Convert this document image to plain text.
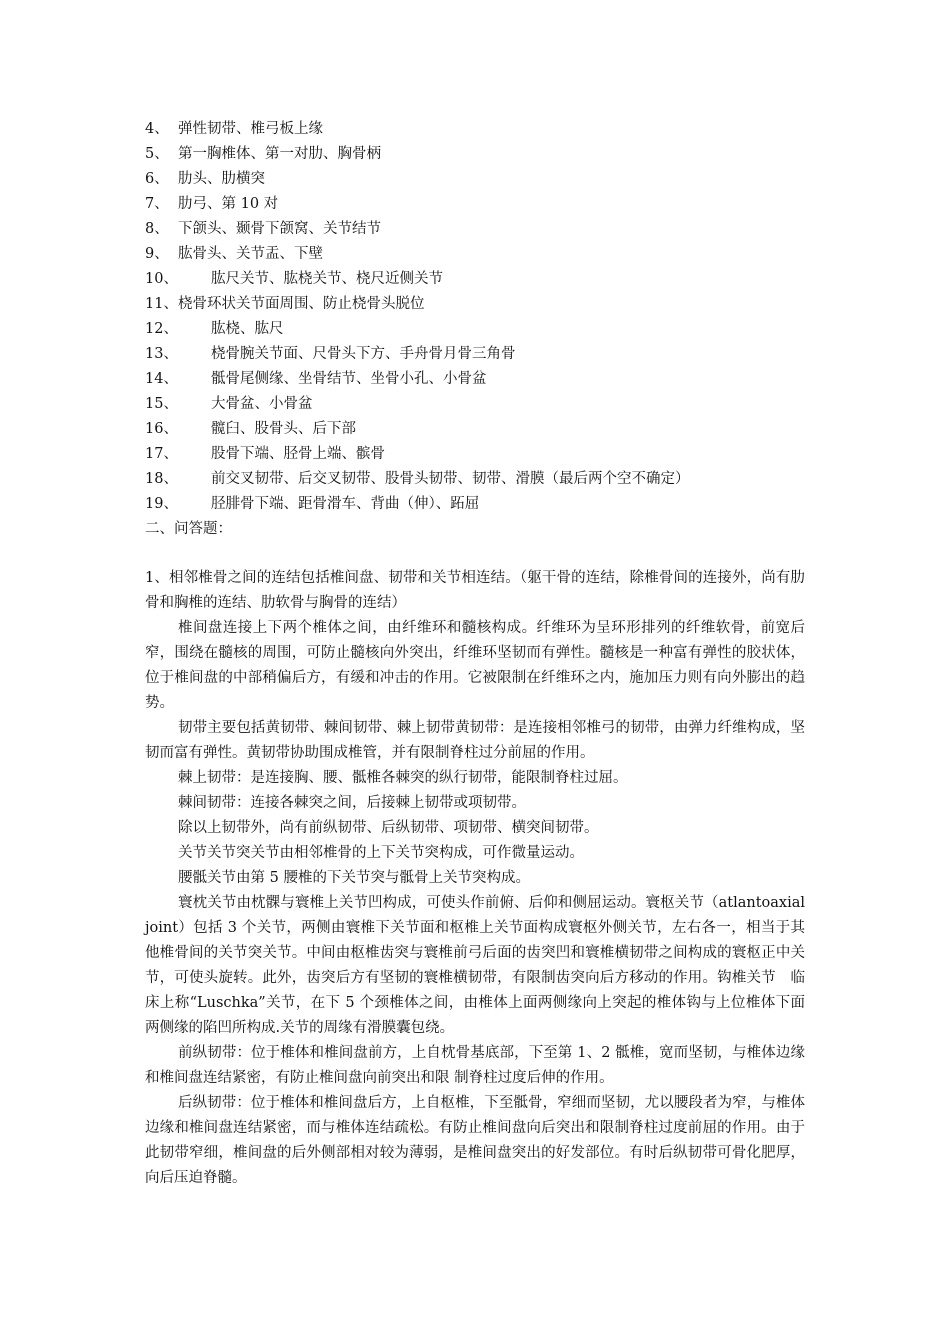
4、 弹性韧带、椎弓板上缘
5、 第一胸椎体、第一对肋、胸骨柄
6、 肋头、肋横突
7、 肋弓、第 10 对
8、 下颌头、颞骨下颌窝、关节结节
9、 肱骨头、关节盂、下壁
10、	肱尺关节、肱桡关节、桡尺近侧关节
11、 桡骨环状关节面周围、防止桡骨头脱位
12、	肱桡、肱尺
13、	桡骨腕关节面、尺骨头下方、手舟骨月骨三角骨
14、	骶骨尾侧缘、坐骨结节、坐骨小孔、小骨盆
15、	大骨盆、小骨盆
16、	髋臼、股骨头、后下部
17、	股骨下端、胫骨上端、髌骨
18、	前交叉韧带、后交叉韧带、股骨头韧带、韧带、滑膜（最后两个空不确定）
19、	胫腓骨下端、距骨滑车、背曲（伸）、跖屈
二、问答题：

1、相邻椎骨之间的连结包括椎间盘、韧带和关节相连结。（躯干骨的连结，除椎骨间的连接外，尚有肋骨和胸椎的连结、肋软骨与胸骨的连结）

椎间盘连接上下两个椎体之间，由纤维环和髓核构成。纤维环为呈环形排列的纤维软骨，前宽后窄，围绕在髓核的周围，可防止髓核向外突出，纤维环坚韧而有弹性。髓核是一种富有弹性的胶状体，位于椎间盘的中部稍偏后方，有缓和冲击的作用。它被限制在纤维环之内，施加压力则有向外膨出的趋势。

韧带主要包括黄韧带、棘间韧带、棘上韧带黄韧带：是连接相邻椎弓的韧带，由弹力纤维构成，坚韧而富有弹性。黄韧带协助围成椎管，并有限制脊柱过分前屈的作用。

棘上韧带：是连接胸、腰、骶椎各棘突的纵行韧带，能限制脊柱过屈。

棘间韧带：连接各棘突之间，后接棘上韧带或项韧带。

除以上韧带外，尚有前纵韧带、后纵韧带、项韧带、横突间韧带。

关节关节突关节由相邻椎骨的上下关节突构成，可作微量运动。

腰骶关节由第 5 腰椎的下关节突与骶骨上关节突构成。

寰枕关节由枕髁与寰椎上关节凹构成，可使头作前俯、后仰和侧屈运动。寰枢关节（atlantoaxial joint）包括 3 个关节，两侧由寰椎下关节面和枢椎上关节面构成寰枢外侧关节，左右各一，相当于其他椎骨间的关节突关节。中间由枢椎齿突与寰椎前弓后面的齿突凹和寰椎横韧带之间构成的寰枢正中关节，可使头旋转。此外，齿突后方有坚韧的寰椎横韧带，有限制齿突向后方移动的作用。钩椎关节　临床上称“Luschka”关节，在下 5 个颈椎体之间，由椎体上面两侧缘向上突起的椎体钩与上位椎体下面两侧缘的陷凹所构成.关节的周缘有滑膜囊包绕。

前纵韧带：位于椎体和椎间盘前方，上自枕骨基底部，下至第 1、2 骶椎，宽而坚韧，与椎体边缘和椎间盘连结紧密，有防止椎间盘向前突出和限 制脊柱过度后伸的作用。

后纵韧带：位于椎体和椎间盘后方，上自枢椎，下至骶骨，窄细而坚韧，尤以腰段者为窄，与椎体边缘和椎间盘连结紧密，而与椎体连结疏松。有防止椎间盘向后突出和限制脊柱过度前屈的作用。由于此韧带窄细，椎间盘的后外侧部相对较为薄弱，是椎间盘突出的好发部位。有时后纵韧带可骨化肥厚，向后压迫脊髓。
